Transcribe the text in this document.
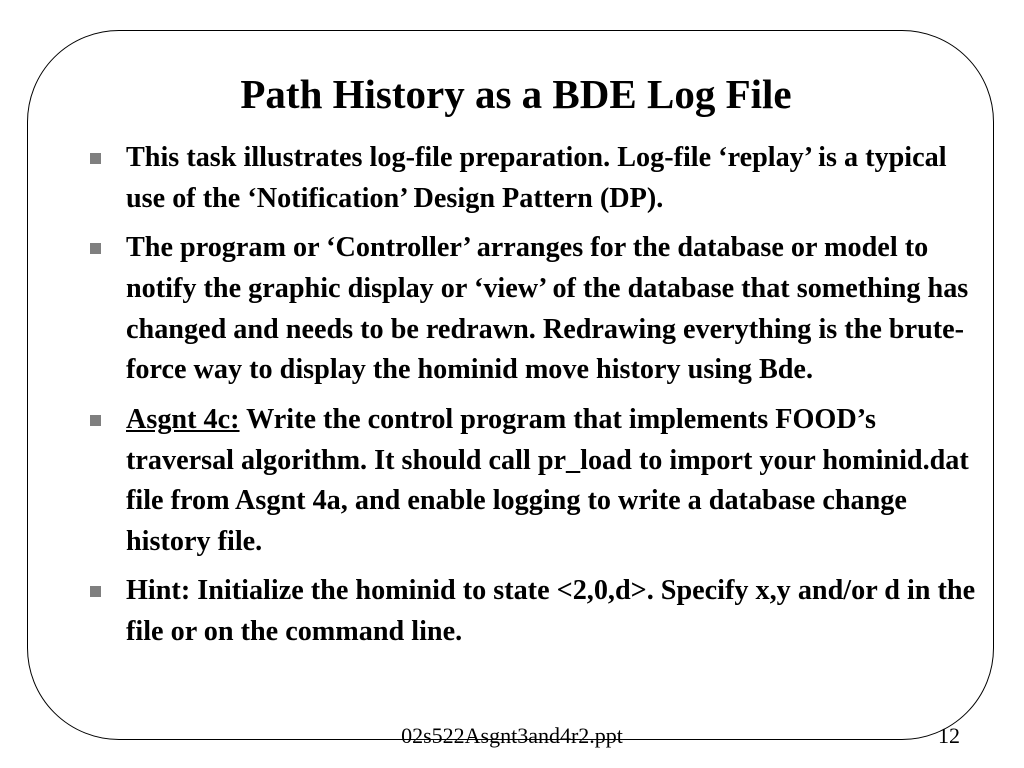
Path History as a BDE Log File
This task illustrates log-file preparation. Log-file ‘replay’ is a typical use of the ‘Notification’ Design Pattern (DP).
The program or ‘Controller’ arranges for the database or model to notify the graphic display or ‘view’ of the database that something has changed and needs to be redrawn. Redrawing everything is the brute-force way to display the hominid move history using Bde.
Asgnt 4c: Write the control program that implements FOOD’s traversal algorithm. It should call pr_load to import your hominid.dat file from Asgnt 4a, and enable logging to write a database change history file.
Hint: Initialize the hominid to state <2,0,d>. Specify x,y and/or d in the file or on the command line.
02s522Asgnt3and4r2.ppt	12
